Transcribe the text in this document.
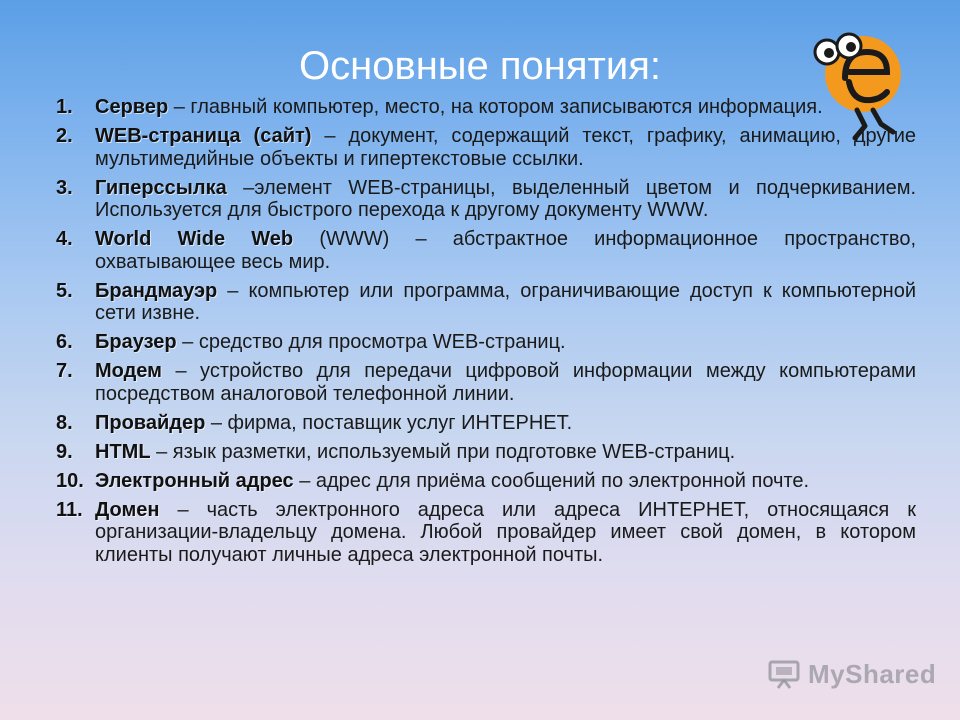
Основные понятия:
1. Сервер – главный компьютер, место, на котором записываются информация.
2. WEB-страница (сайт) – документ, содержащий текст, графику, анимацию, другие мультимедийные объекты и гипертекстовые ссылки.
3. Гиперссылка –элемент WEB-страницы, выделенный цветом и подчеркиванием. Используется для быстрого перехода к другому документу WWW.
4. World Wide Web (WWW) – абстрактное информационное пространство, охватывающее весь мир.
5. Брандмауэр – компьютер или программа, ограничивающие доступ к компьютерной сети извне.
6. Браузер – средство для просмотра WEB-страниц.
7. Модем – устройство для передачи цифровой информации между компьютерами посредством аналоговой телефонной линии.
8. Провайдер – фирма, поставщик услуг ИНТЕРНЕТ.
9. HTML – язык разметки, используемый при подготовке WEB-страниц.
10. Электронный адрес – адрес для приёма сообщений по электронной почте.
11. Домен – часть электронного адреса или адреса ИНТЕРНЕТ, относящаяся к организации-владельцу домена. Любой провайдер имеет свой домен, в котором клиенты получают личные адреса электронной почты.
MyShared
